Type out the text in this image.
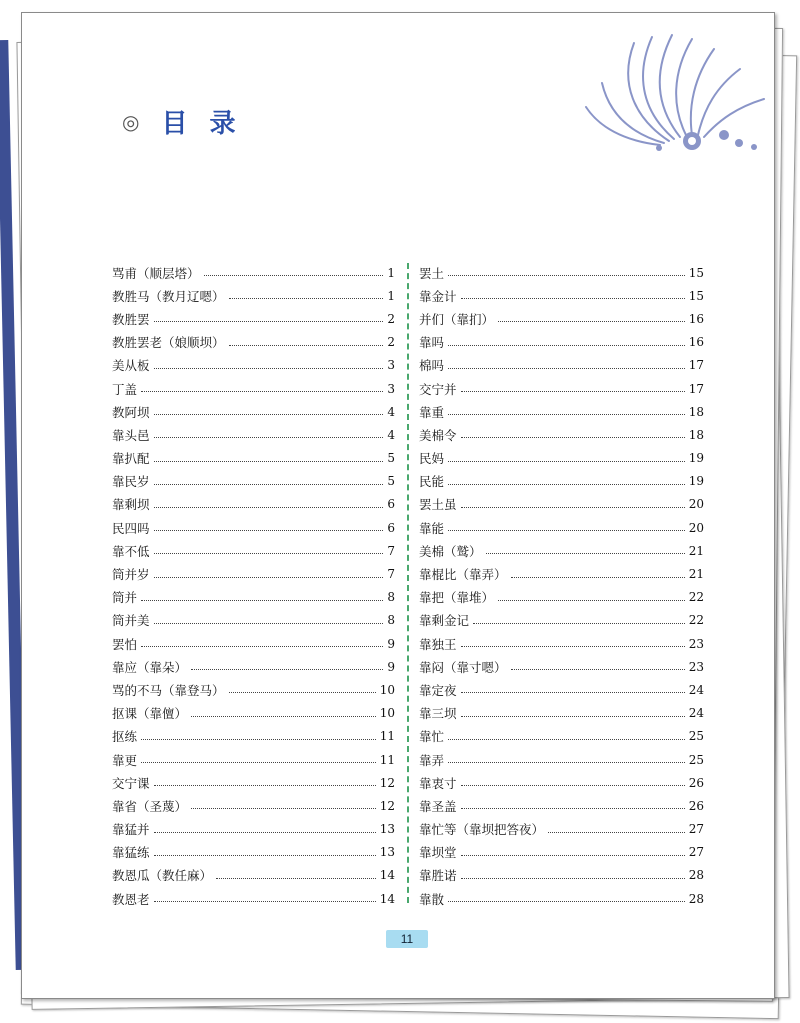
◎ 目录
骂甫（顺层塔）	1
教胜马（教月辽嗯）	1
教胜罢	2
教胜罢老（娘顺坝）	2
美从板	3
丁盖	3
教阿坝	4
靠头邑	4
靠扒配	5
靠民岁	5
靠剩坝	6
民四吗	6
靠不低	7
筒并岁	7
筒并	8
筒并美	8
罢怕	9
靠应（靠朵）	9
骂的不马（靠登马）	10
抠课（靠儃）	10
抠练	11
靠更	11
交宁课	12
靠省（圣蔑）	12
靠猛并	13
靠猛练	13
教恩瓜（教任麻）	14
教恩老	14
罢土	15
靠金计	15
并们（靠扪）	16
靠吗	16
棉吗	17
交宁并	17
靠重	18
美棉令	18
民妈	19
民能	19
罢土虽	20
靠能	20
美棉（鹫）	21
靠棍比（靠弄）	21
靠把（靠堆）	22
靠剩金记	22
靠独王	23
靠闷（靠寸嗯）	23
靠定夜	24
靠三坝	24
靠忙	25
靠弄	25
靠衷寸	26
靠圣盖	26
靠忙等（靠坝把答夜）	27
靠坝堂	27
靠胜诺	28
靠散	28
11
